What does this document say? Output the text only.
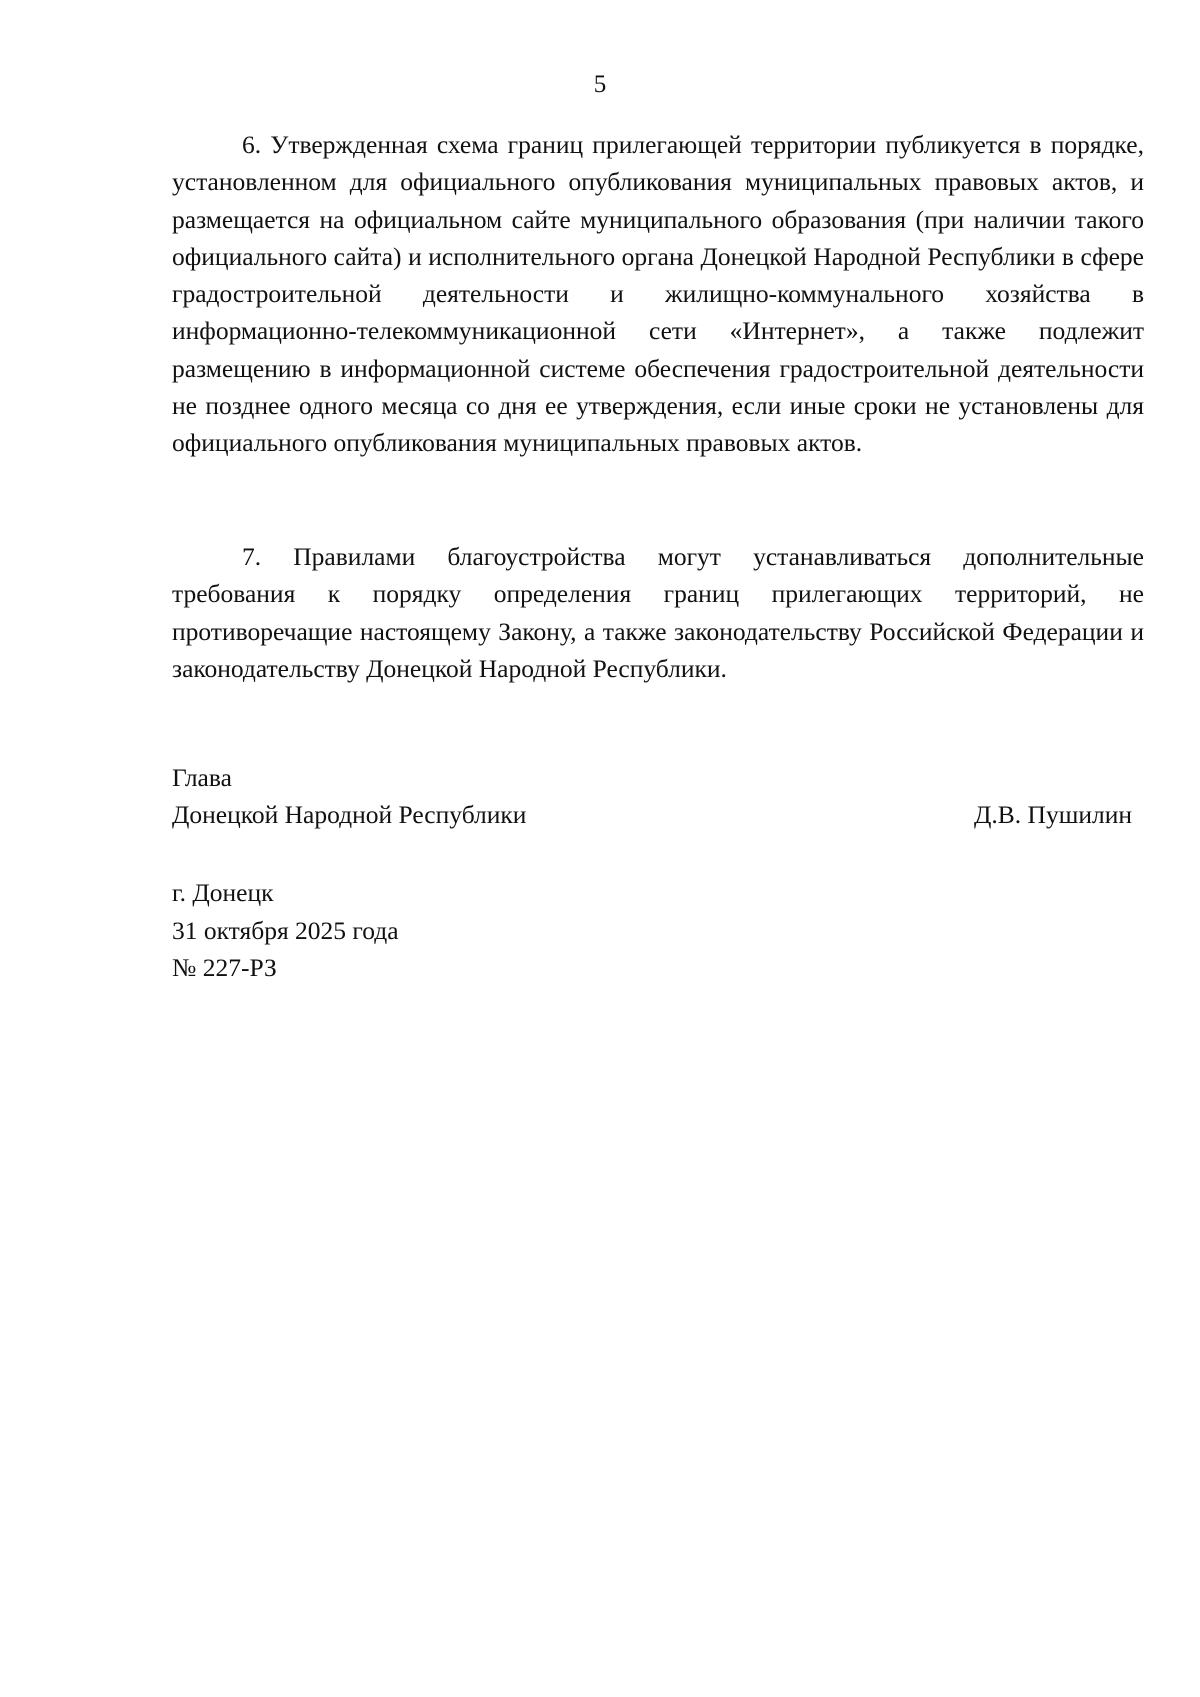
5

6. Утвержденная схема границ прилегающей территории публикуется в порядке, установленном для официального опубликования муниципальных правовых актов, и размещается на официальном сайте муниципального образования (при наличии такого официального сайта) и исполнительного органа Донецкой Народной Республики в сфере градостроительной деятельности и жилищно-коммунального хозяйства в информационно-телекоммуникационной сети «Интернет», а также подлежит размещению в информационной системе обеспечения градостроительной деятельности не позднее одного месяца со дня ее утверждения, если иные сроки не установлены для официального опубликования муниципальных правовых актов.

7. Правилами благоустройства могут устанавливаться дополнительные требования к порядку определения границ прилегающих территорий, не противоречащие настоящему Закону, а также законодательству Российской Федерации и законодательству Донецкой Народной Республики.

Глава
Донецкой Народной Республики	Д.В. Пушилин
г. Донецк
31 октября 2025 года
№ 227-РЗ
